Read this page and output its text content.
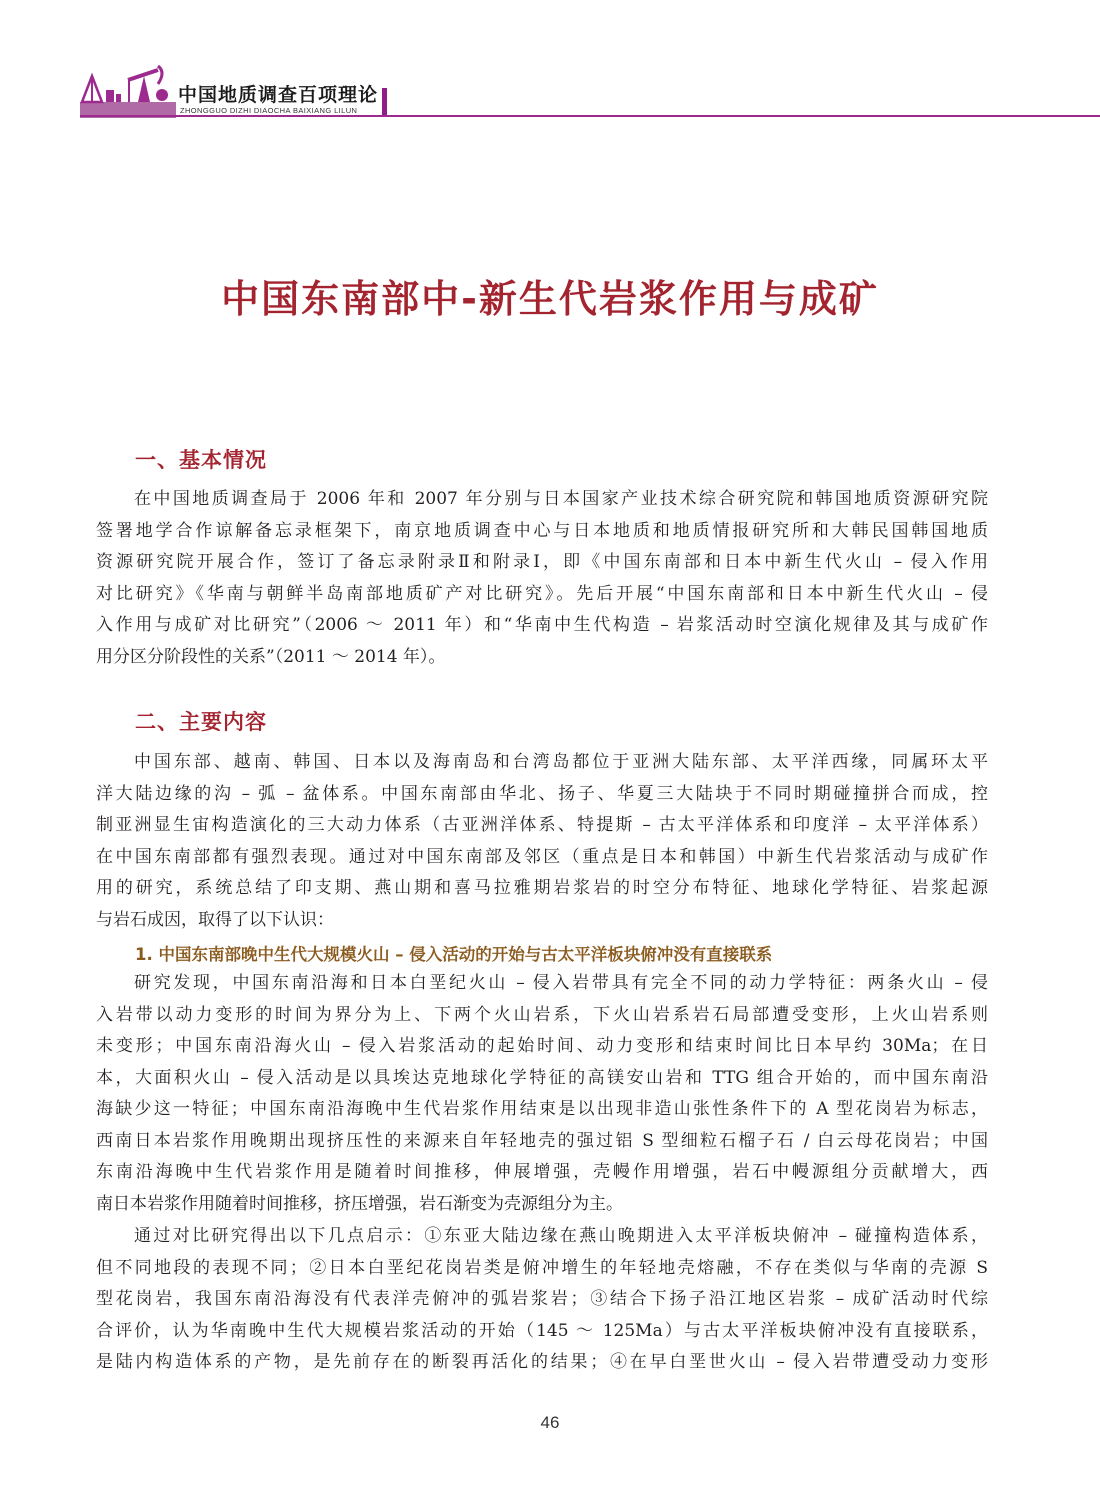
中国地质调查百项理论
ZHONGGUO DIZHI DIAOCHA BAIXIANG LILUN
中国东南部中-新生代岩浆作用与成矿
一、基本情况
在中国地质调查局于 2006 年和 2007 年分别与日本国家产业技术综合研究院和韩国地质资源研究院
签署地学合作谅解备忘录框架下，南京地质调查中心与日本地质和地质情报研究所和大韩民国韩国地质
资源研究院开展合作，签订了备忘录附录Ⅱ和附录Ⅰ，即《中国东南部和日本中新生代火山 – 侵入作用
对比研究》《华南与朝鲜半岛南部地质矿产对比研究》。先后开展“中国东南部和日本中新生代火山 – 侵
入作用与成矿对比研究”（2006 ～ 2011 年）和“华南中生代构造 – 岩浆活动时空演化规律及其与成矿作
用分区分阶段性的关系”（2011 ～ 2014 年）。
二、主要内容
中国东部、越南、韩国、日本以及海南岛和台湾岛都位于亚洲大陆东部、太平洋西缘，同属环太平
洋大陆边缘的沟 – 弧 – 盆体系。中国东南部由华北、扬子、华夏三大陆块于不同时期碰撞拼合而成，控
制亚洲显生宙构造演化的三大动力体系（古亚洲洋体系、特提斯 – 古太平洋体系和印度洋 – 太平洋体系）
在中国东南部都有强烈表现。通过对中国东南部及邻区（重点是日本和韩国）中新生代岩浆活动与成矿作
用的研究，系统总结了印支期、燕山期和喜马拉雅期岩浆岩的时空分布特征、地球化学特征、岩浆起源
与岩石成因，取得了以下认识：
1. 中国东南部晚中生代大规模火山 – 侵入活动的开始与古太平洋板块俯冲没有直接联系
研究发现，中国东南沿海和日本白垩纪火山 – 侵入岩带具有完全不同的动力学特征：两条火山 – 侵
入岩带以动力变形的时间为界分为上、下两个火山岩系，下火山岩系岩石局部遭受变形，上火山岩系则
未变形；中国东南沿海火山 – 侵入岩浆活动的起始时间、动力变形和结束时间比日本早约 30Ma；在日
本，大面积火山 – 侵入活动是以具埃达克地球化学特征的高镁安山岩和 TTG 组合开始的，而中国东南沿
海缺少这一特征；中国东南沿海晚中生代岩浆作用结束是以出现非造山张性条件下的 A 型花岗岩为标志，
西南日本岩浆作用晚期出现挤压性的来源来自年轻地壳的强过铝 S 型细粒石榴子石 / 白云母花岗岩；中国
东南沿海晚中生代岩浆作用是随着时间推移，伸展增强，壳幔作用增强，岩石中幔源组分贡献增大，西
南日本岩浆作用随着时间推移，挤压增强，岩石渐变为壳源组分为主。
通过对比研究得出以下几点启示：①东亚大陆边缘在燕山晚期进入太平洋板块俯冲 – 碰撞构造体系，
但不同地段的表现不同；②日本白垩纪花岗岩类是俯冲增生的年轻地壳熔融，不存在类似与华南的壳源 S
型花岗岩，我国东南沿海没有代表洋壳俯冲的弧岩浆岩；③结合下扬子沿江地区岩浆 – 成矿活动时代综
合评价，认为华南晚中生代大规模岩浆活动的开始（145 ～ 125Ma）与古太平洋板块俯冲没有直接联系，
是陆内构造体系的产物，是先前存在的断裂再活化的结果；④在早白垩世火山 – 侵入岩带遭受动力变形
46
